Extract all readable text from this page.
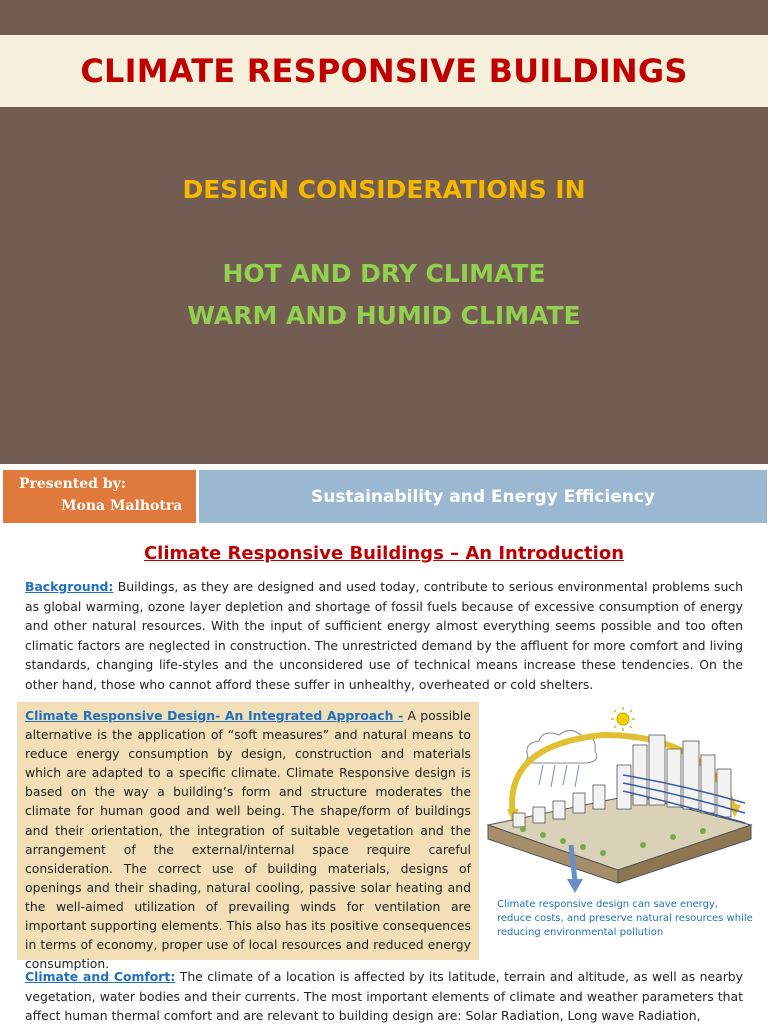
CLIMATE RESPONSIVE BUILDINGS
DESIGN CONSIDERATIONS IN
HOT AND DRY CLIMATE
WARM AND HUMID CLIMATE
Presented by:
Mona Malhotra	Sustainability and Energy Efficiency
Climate Responsive Buildings – An Introduction
Background: Buildings, as they are designed and used today, contribute to serious environmental problems such as global warming, ozone layer depletion and shortage of fossil fuels because of excessive consumption of energy and other natural resources. With the input of sufficient energy almost everything seems possible and too often climatic factors are neglected in construction. The unrestricted demand by the affluent for more comfort and living standards, changing life-styles and the unconsidered use of technical means increase these tendencies. On the other hand, those who cannot afford these suffer in unhealthy, overheated or cold shelters.
Climate Responsive Design- An Integrated Approach - A possible alternative is the application of “soft measures” and natural means to reduce energy consumption by design, construction and materials which are adapted to a specific climate. Climate Responsive design is based on the way a building’s form and structure moderates the climate for human good and well being. The shape/form of buildings and their orientation, the integration of suitable vegetation and the arrangement of the external/internal space require careful consideration. The correct use of building materials, designs of openings and their shading, natural cooling, passive solar heating and the well-aimed utilization of prevailing winds for ventilation are important supporting elements. This also has its positive consequences in terms of economy, proper use of local resources and reduced energy consumption.
Climate responsive design can save energy, reduce costs, and preserve natural resources while reducing environmental pollution
Climate and Comfort: The climate of a location is affected by its latitude, terrain and altitude, as well as nearby vegetation, water bodies and their currents. The most important elements of climate and weather parameters that affect human thermal comfort and are relevant to building design are: Solar Radiation, Long wave Radiation,
